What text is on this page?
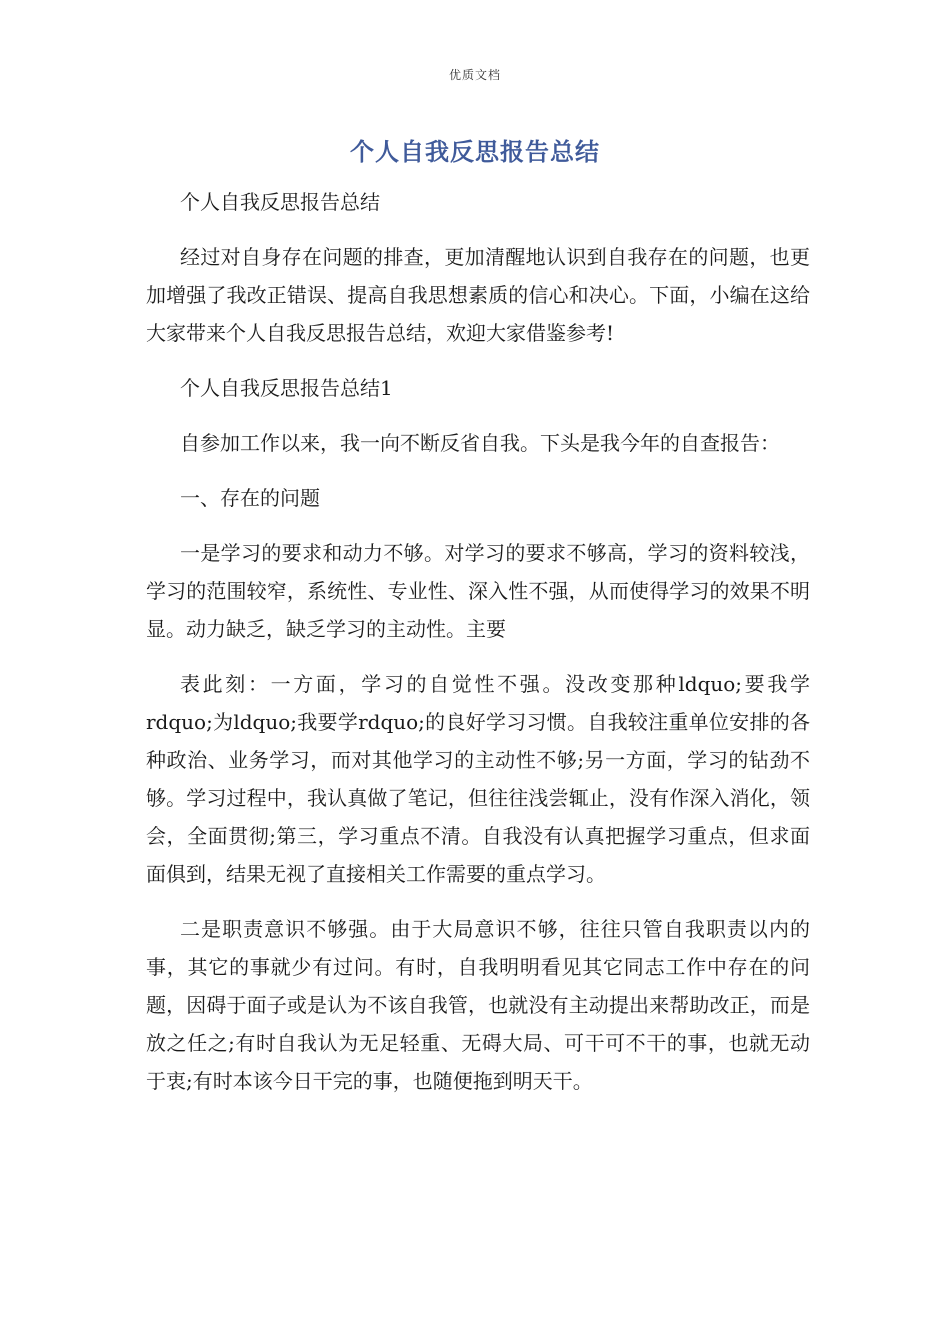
优质文档
个人自我反思报告总结

个人自我反思报告总结

经过对自身存在问题的排查，更加清醒地认识到自我存在的问题，也更加增强了我改正错误、提高自我思想素质的信心和决心。下面，小编在这给大家带来个人自我反思报告总结，欢迎大家借鉴参考!

个人自我反思报告总结1

自参加工作以来，我一向不断反省自我。下头是我今年的自查报告：

一、存在的问题

一是学习的要求和动力不够。对学习的要求不够高，学习的资料较浅，学习的范围较窄，系统性、专业性、深入性不强，从而使得学习的效果不明显。动力缺乏，缺乏学习的主动性。主要

表此刻：一方面，学习的自觉性不强。没改变那种ldquo;要我学rdquo;为ldquo;我要学rdquo;的良好学习习惯。自我较注重单位安排的各种政治、业务学习，而对其他学习的主动性不够;另一方面，学习的钻劲不够。学习过程中，我认真做了笔记，但往往浅尝辄止，没有作深入消化，领会，全面贯彻;第三，学习重点不清。自我没有认真把握学习重点，但求面面俱到，结果无视了直接相关工作需要的重点学习。

二是职责意识不够强。由于大局意识不够，往往只管自我职责以内的事，其它的事就少有过问。有时，自我明明看见其它同志工作中存在的问题，因碍于面子或是认为不该自我管，也就没有主动提出来帮助改正，而是放之任之;有时自我认为无足轻重、无碍大局、可干可不干的事，也就无动于衷;有时本该今日干完的事，也随便拖到明天干。
